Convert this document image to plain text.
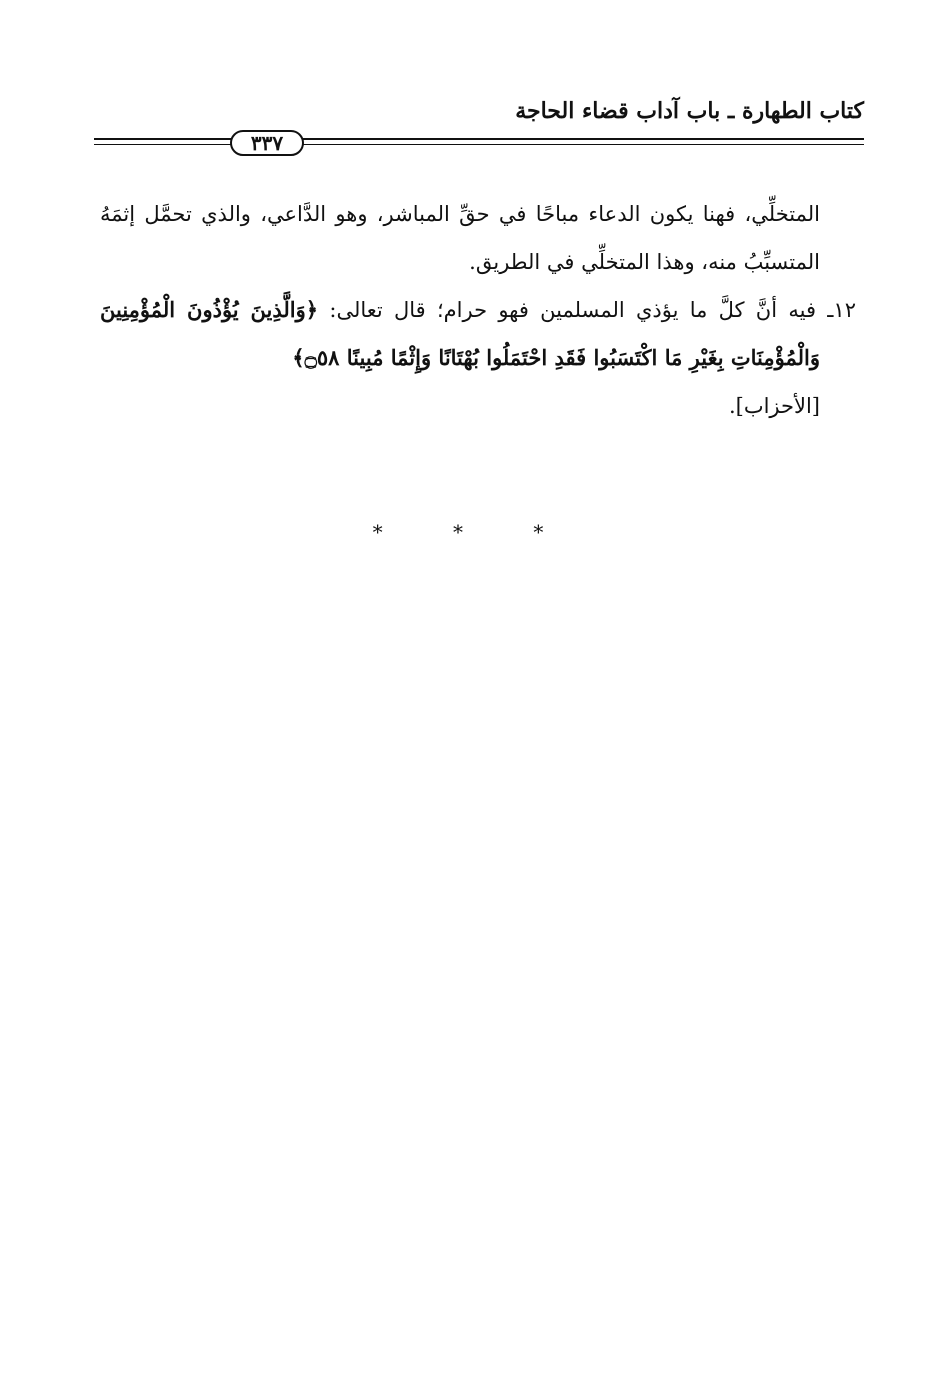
كتاب الطهارة ـ باب آداب قضاء الحاجة
٣٣٧

المتخلِّي، فهنا يكون الدعاء مباحًا في حقِّ المباشر، وهو الدَّاعي، والذي تحمَّل إثمَهُ المتسبِّبُ منه، وهذا المتخلِّي في الطريق.

١٢ـ فيه أنَّ كلَّ ما يؤذي المسلمين فهو حرام؛ قال تعالى: ﴿وَالَّذِينَ يُؤْذُونَ الْمُؤْمِنِينَ وَالْمُؤْمِنَاتِ بِغَيْرِ مَا اكْتَسَبُوا فَقَدِ احْتَمَلُوا بُهْتَانًا وَإِثْمًا مُبِينًا ۝٥٨﴾

[الأحزاب].

* * *
